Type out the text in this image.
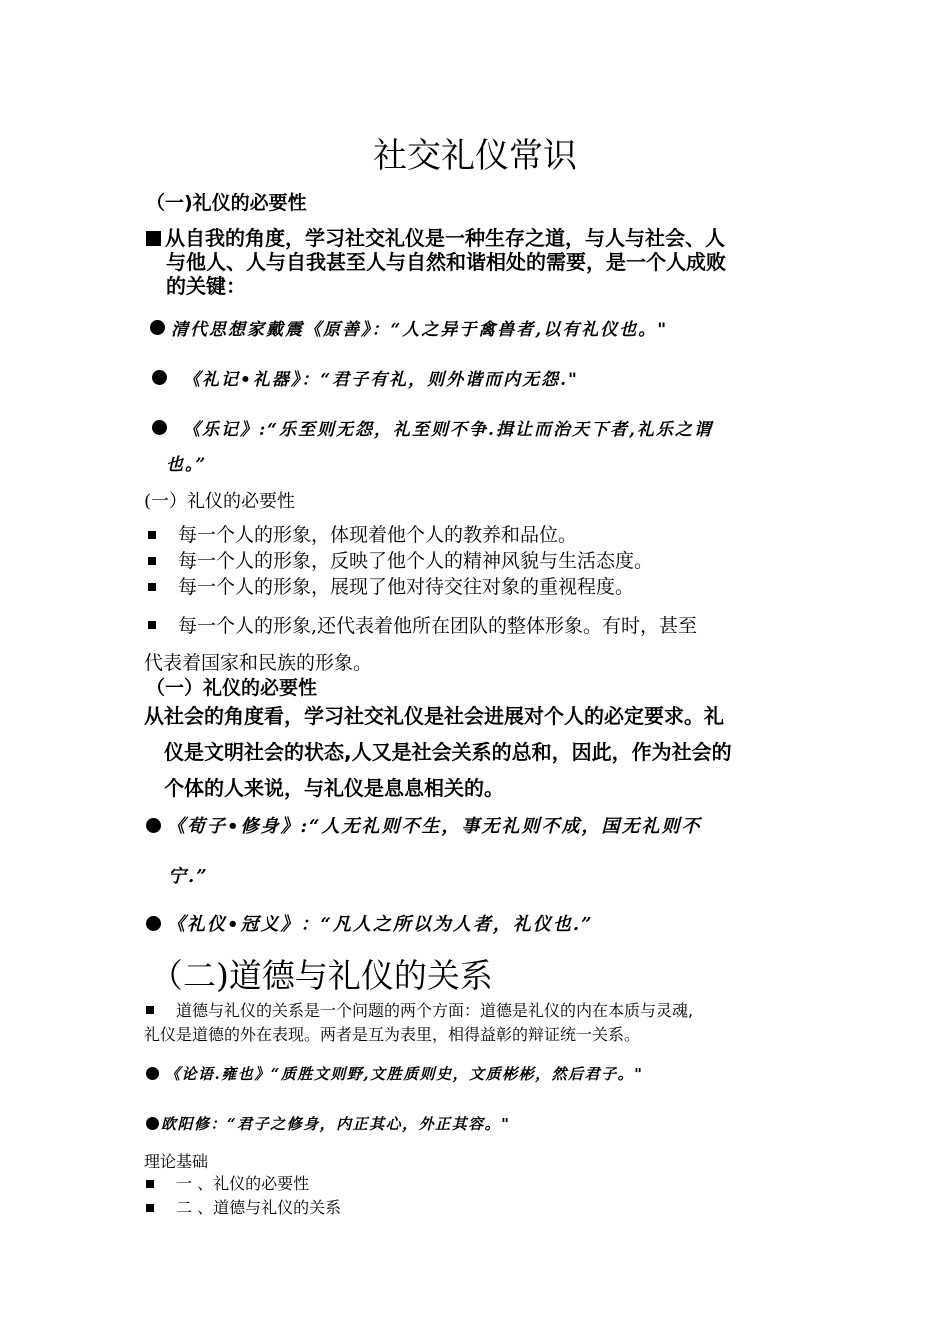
社交礼仪常识
（一)礼仪的必要性
从自我的角度，学习社交礼仪是一种生存之道，与人与社会、人
与他人、人与自我甚至人与自然和谐相处的需要，是一个人成败
的关键：
清代思想家戴震《原善》：“人之异于禽兽者,以有礼仪也。"
《礼记•礼器》：“君子有礼，则外谐而内无怨."
《乐记》:“乐至则无怨，礼至则不争.揖让而治天下者,礼乐之谓
也。”
(一）礼仪的必要性
每一个人的形象，体现着他个人的教养和品位。
每一个人的形象，反映了他个人的精神风貌与生活态度。
每一个人的形象，展现了他对待交往对象的重视程度。
每一个人的形象,还代表着他所在团队的整体形象。有时，甚至
代表着国家和民族的形象。
（一）礼仪的必要性
从社会的角度看，学习社交礼仪是社会进展对个人的必定要求。礼
仪是文明社会的状态,人又是社会关系的总和，因此，作为社会的
个体的人来说，与礼仪是息息相关的。
《荀子•修身》:“人无礼则不生，事无礼则不成，国无礼则不
宁.”
《礼仪•冠义》：“凡人之所以为人者，礼仪也.”
（二)道德与礼仪的关系
道德与礼仪的关系是一个问题的两个方面：道德是礼仪的内在本质与灵魂,
礼仪是道德的外在表现。两者是互为表里，相得益彰的辩证统一关系。
《论语.雍也》“质胜文则野,文胜质则史，文质彬彬，然后君子。"
欧阳修：“君子之修身，内正其心，外正其容。"
理论基础
一 、礼仪的必要性
二 、道德与礼仪的关系
